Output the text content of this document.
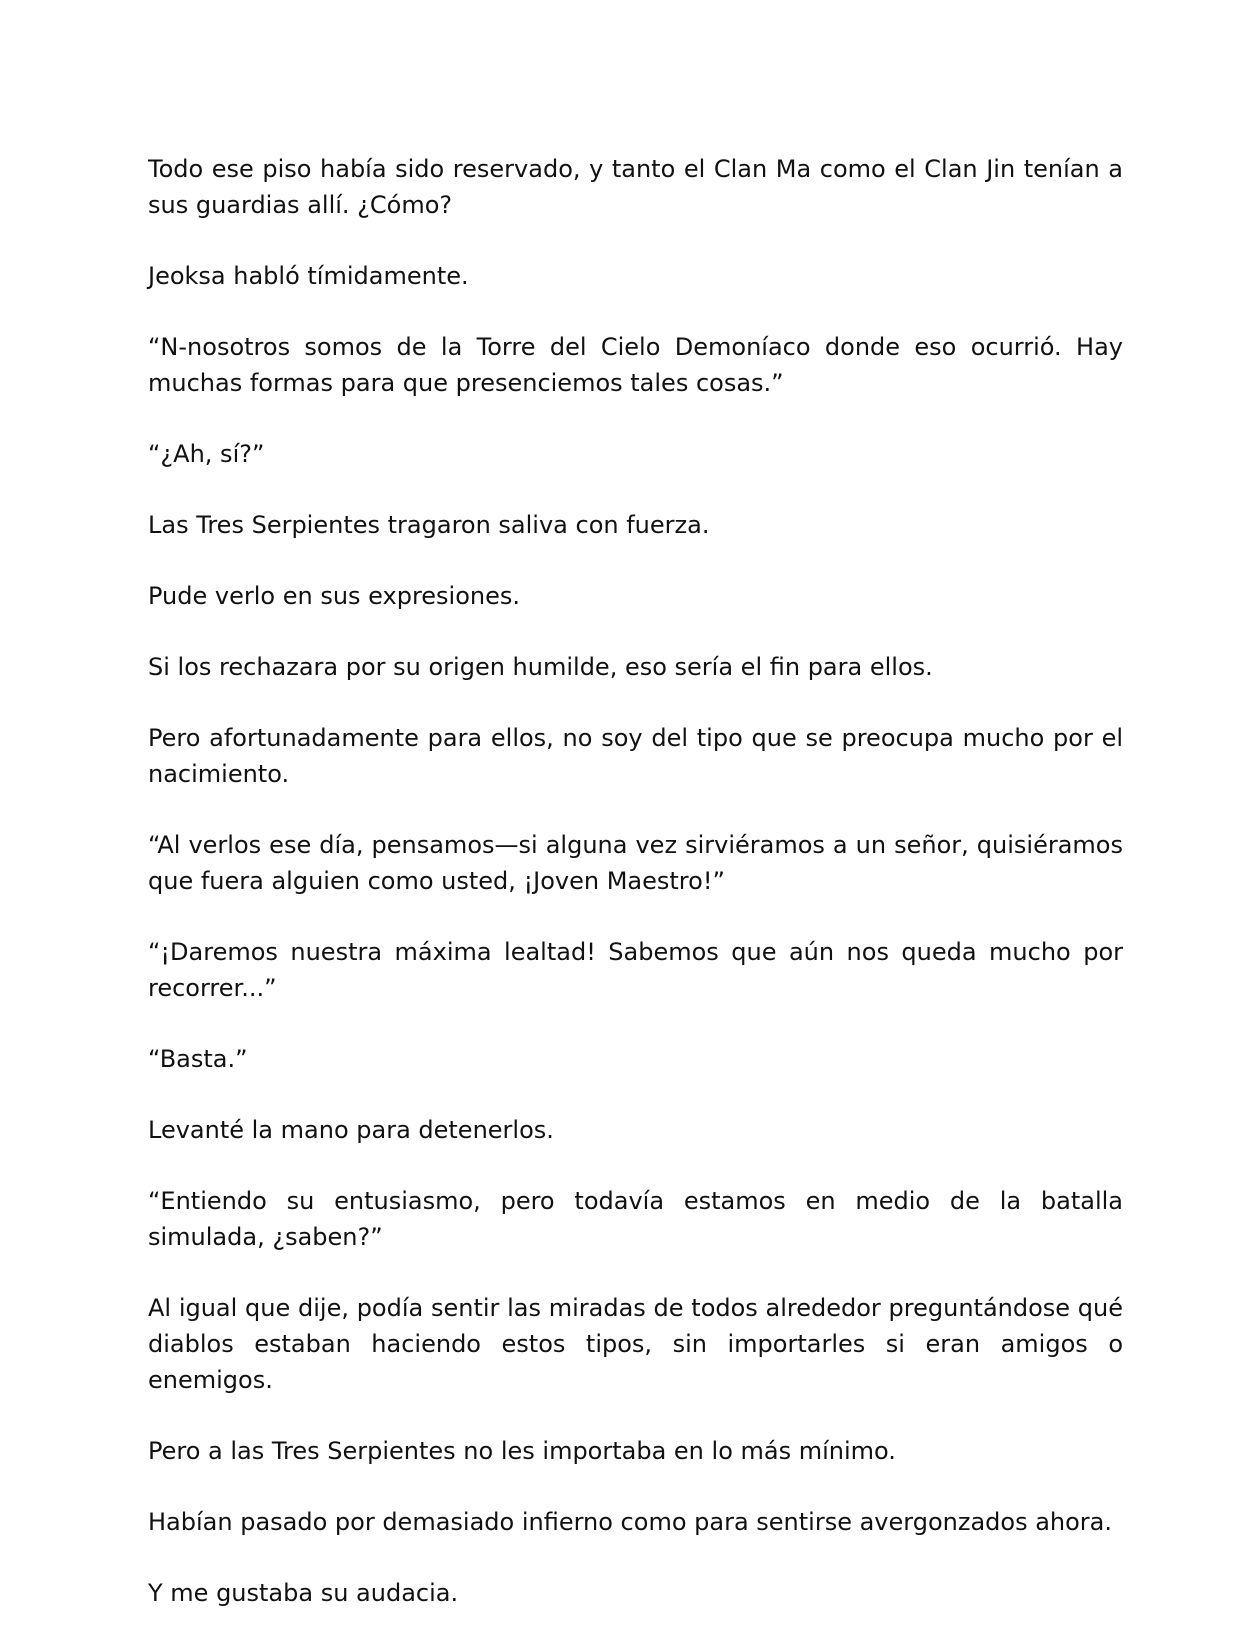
Todo ese piso había sido reservado, y tanto el Clan Ma como el Clan Jin tenían a sus guardias allí. ¿Cómo?

Jeoksa habló tímidamente.

“N-nosotros somos de la Torre del Cielo Demoníaco donde eso ocurrió. Hay muchas formas para que presenciemos tales cosas.”

“¿Ah, sí?”

Las Tres Serpientes tragaron saliva con fuerza.

Pude verlo en sus expresiones.

Si los rechazara por su origen humilde, eso sería el fin para ellos.

Pero afortunadamente para ellos, no soy del tipo que se preocupa mucho por el nacimiento.

“Al verlos ese día, pensamos—si alguna vez sirviéramos a un señor, quisiéramos que fuera alguien como usted, ¡Joven Maestro!”

“¡Daremos nuestra máxima lealtad! Sabemos que aún nos queda mucho por recorrer...”

“Basta.”

Levanté la mano para detenerlos.

“Entiendo su entusiasmo, pero todavía estamos en medio de la batalla simulada, ¿saben?”

Al igual que dije, podía sentir las miradas de todos alrededor preguntándose qué diablos estaban haciendo estos tipos, sin importarles si eran amigos o enemigos.

Pero a las Tres Serpientes no les importaba en lo más mínimo.

Habían pasado por demasiado infierno como para sentirse avergonzados ahora.

Y me gustaba su audacia.
